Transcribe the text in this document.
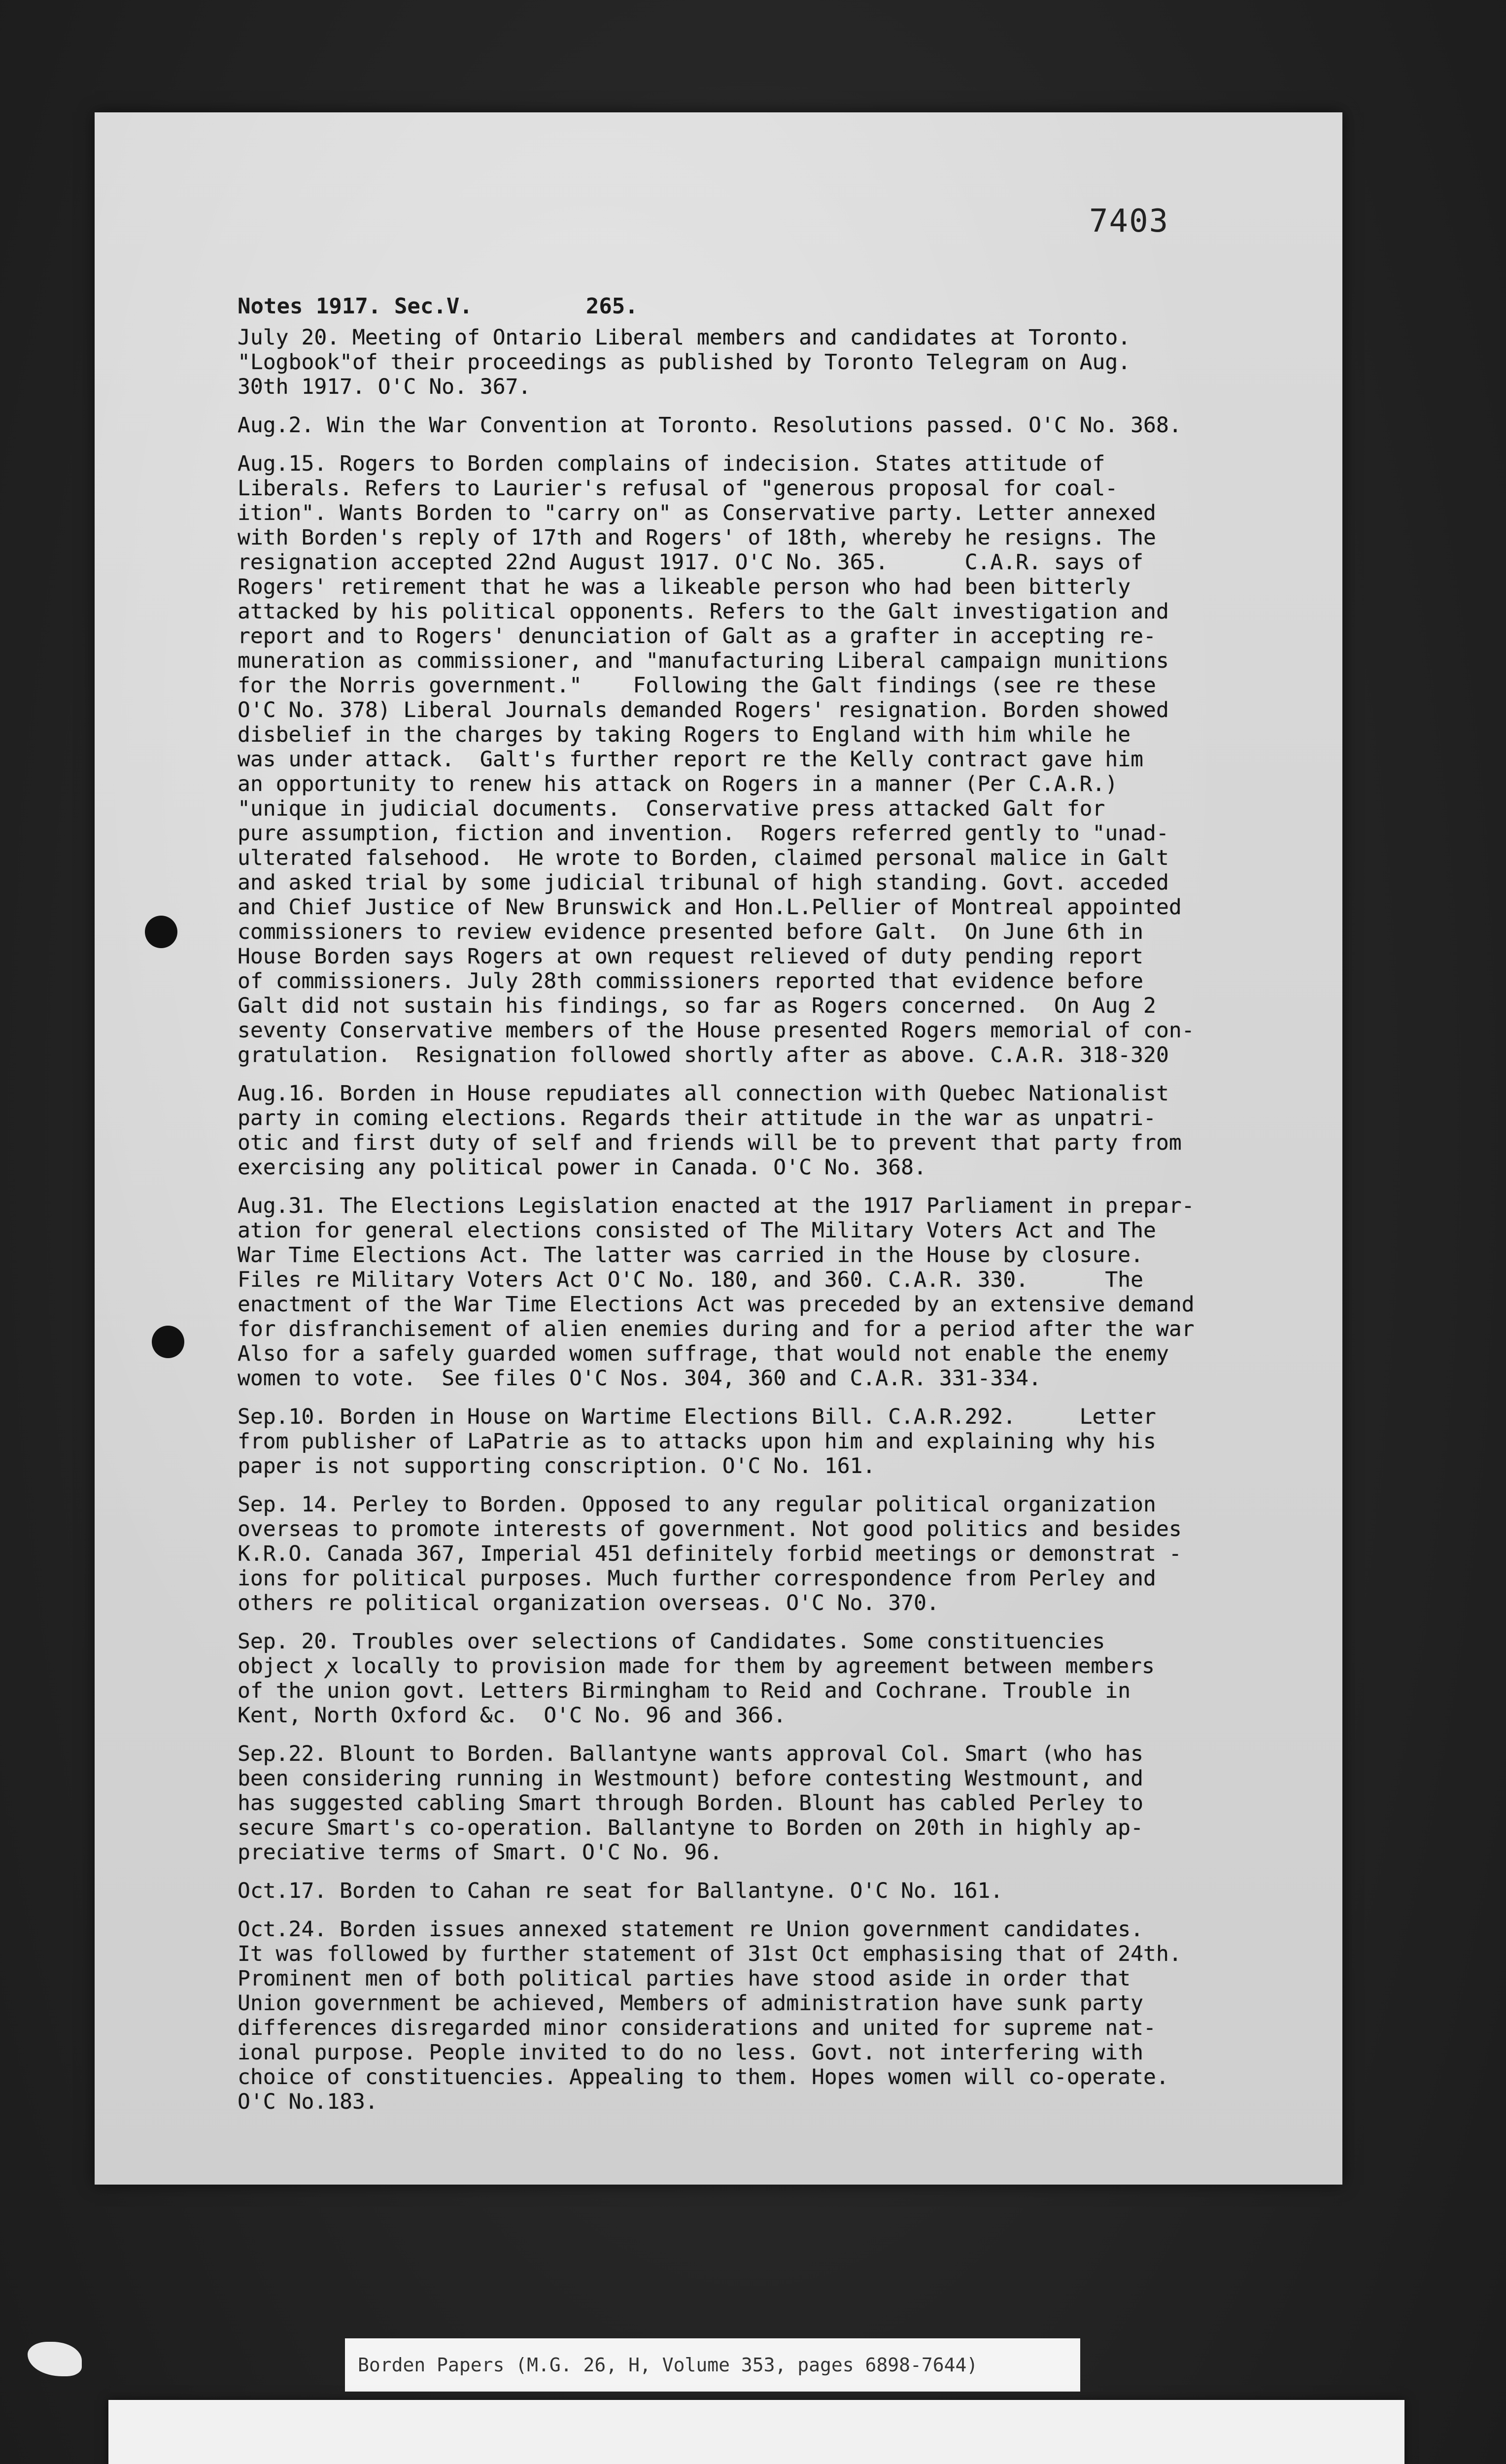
7403
Notes 1917. Sec.V.	265.

July 20. Meeting of Ontario Liberal members and candidates at Toronto.

"Logbook"of their proceedings as published by Toronto Telegram on Aug.

30th 1917. O'C No. 367.

Aug.2. Win the War Convention at Toronto. Resolutions passed. O'C No. 368.

Aug.15. Rogers to Borden complains of indecision. States attitude of

Liberals. Refers to Laurier's refusal of "generous proposal for coal-

ition". Wants Borden to "carry on" as Conservative party. Letter annexed

with Borden's reply of 17th and Rogers' of 18th, whereby he resigns. The

resignation accepted 22nd August 1917. O'C No. 365.      C.A.R. says of

Rogers' retirement that he was a likeable person who had been bitterly

attacked by his political opponents. Refers to the Galt investigation and

report and to Rogers' denunciation of Galt as a grafter in accepting re-

muneration as commissioner, and "manufacturing Liberal campaign munitions

for the Norris government."    Following the Galt findings (see re these

O'C No. 378) Liberal Journals demanded Rogers' resignation. Borden showed

disbelief in the charges by taking Rogers to England with him while he

was under attack.  Galt's further report re the Kelly contract gave him

an opportunity to renew his attack on Rogers in a manner (Per C.A.R.)

"unique in judicial documents.  Conservative press attacked Galt for

pure assumption, fiction and invention.  Rogers referred gently to "unad-

ulterated falsehood.  He wrote to Borden, claimed personal malice in Galt

and asked trial by some judicial tribunal of high standing. Govt. acceded

and Chief Justice of New Brunswick and Hon.L.Pellier of Montreal appointed

commissioners to review evidence presented before Galt.  On June 6th in

House Borden says Rogers at own request relieved of duty pending report

of commissioners. July 28th commissioners reported that evidence before

Galt did not sustain his findings, so far as Rogers concerned.  On Aug 2

seventy Conservative members of the House presented Rogers memorial of con-

gratulation.  Resignation followed shortly after as above. C.A.R. 318-320

Aug.16. Borden in House repudiates all connection with Quebec Nationalist

party in coming elections. Regards their attitude in the war as unpatri-

otic and first duty of self and friends will be to prevent that party from

exercising any political power in Canada. O'C No. 368.

Aug.31. The Elections Legislation enacted at the 1917 Parliament in prepar-

ation for general elections consisted of The Military Voters Act and The

War Time Elections Act. The latter was carried in the House by closure.

Files re Military Voters Act O'C No. 180, and 360. C.A.R. 330.      The

enactment of the War Time Elections Act was preceded by an extensive demand

for disfranchisement of alien enemies during and for a period after the war

Also for a safely guarded women suffrage, that would not enable the enemy

women to vote.  See files O'C Nos. 304, 360 and C.A.R. 331-334.

Sep.10. Borden in House on Wartime Elections Bill. C.A.R.292.     Letter

from publisher of LaPatrie as to attacks upon him and explaining why his

paper is not supporting conscription. O'C No. 161.

Sep. 14. Perley to Borden. Opposed to any regular political organization

overseas to promote interests of government. Not good politics and besides

K.R.O. Canada 367, Imperial 451 definitely forbid meetings or demonstrat -

ions for political purposes. Much further correspondence from Perley and

others re political organization overseas. O'C No. 370.

Sep. 20. Troubles over selections of Candidates. Some constituencies

object ꭗ locally to provision made for them by agreement between members

of the union govt. Letters Birmingham to Reid and Cochrane. Trouble in

Kent, North Oxford &c.  O'C No. 96 and 366.

Sep.22. Blount to Borden. Ballantyne wants approval Col. Smart (who has

been considering running in Westmount) before contesting Westmount, and

has suggested cabling Smart through Borden. Blount has cabled Perley to

secure Smart's co-operation. Ballantyne to Borden on 20th in highly ap-

preciative terms of Smart. O'C No. 96.

Oct.17. Borden to Cahan re seat for Ballantyne. O'C No. 161.

Oct.24. Borden issues annexed statement re Union government candidates.

It was followed by further statement of 31st Oct emphasising that of 24th.

Prominent men of both political parties have stood aside in order that

Union government be achieved, Members of administration have sunk party

differences disregarded minor considerations and united for supreme nat-

ional purpose. People invited to do no less. Govt. not interfering with

choice of constituencies. Appealing to them. Hopes women will co-operate.

O'C No.183.

Borden Papers (M.G. 26, H, Volume 353, pages 6898-7644)
